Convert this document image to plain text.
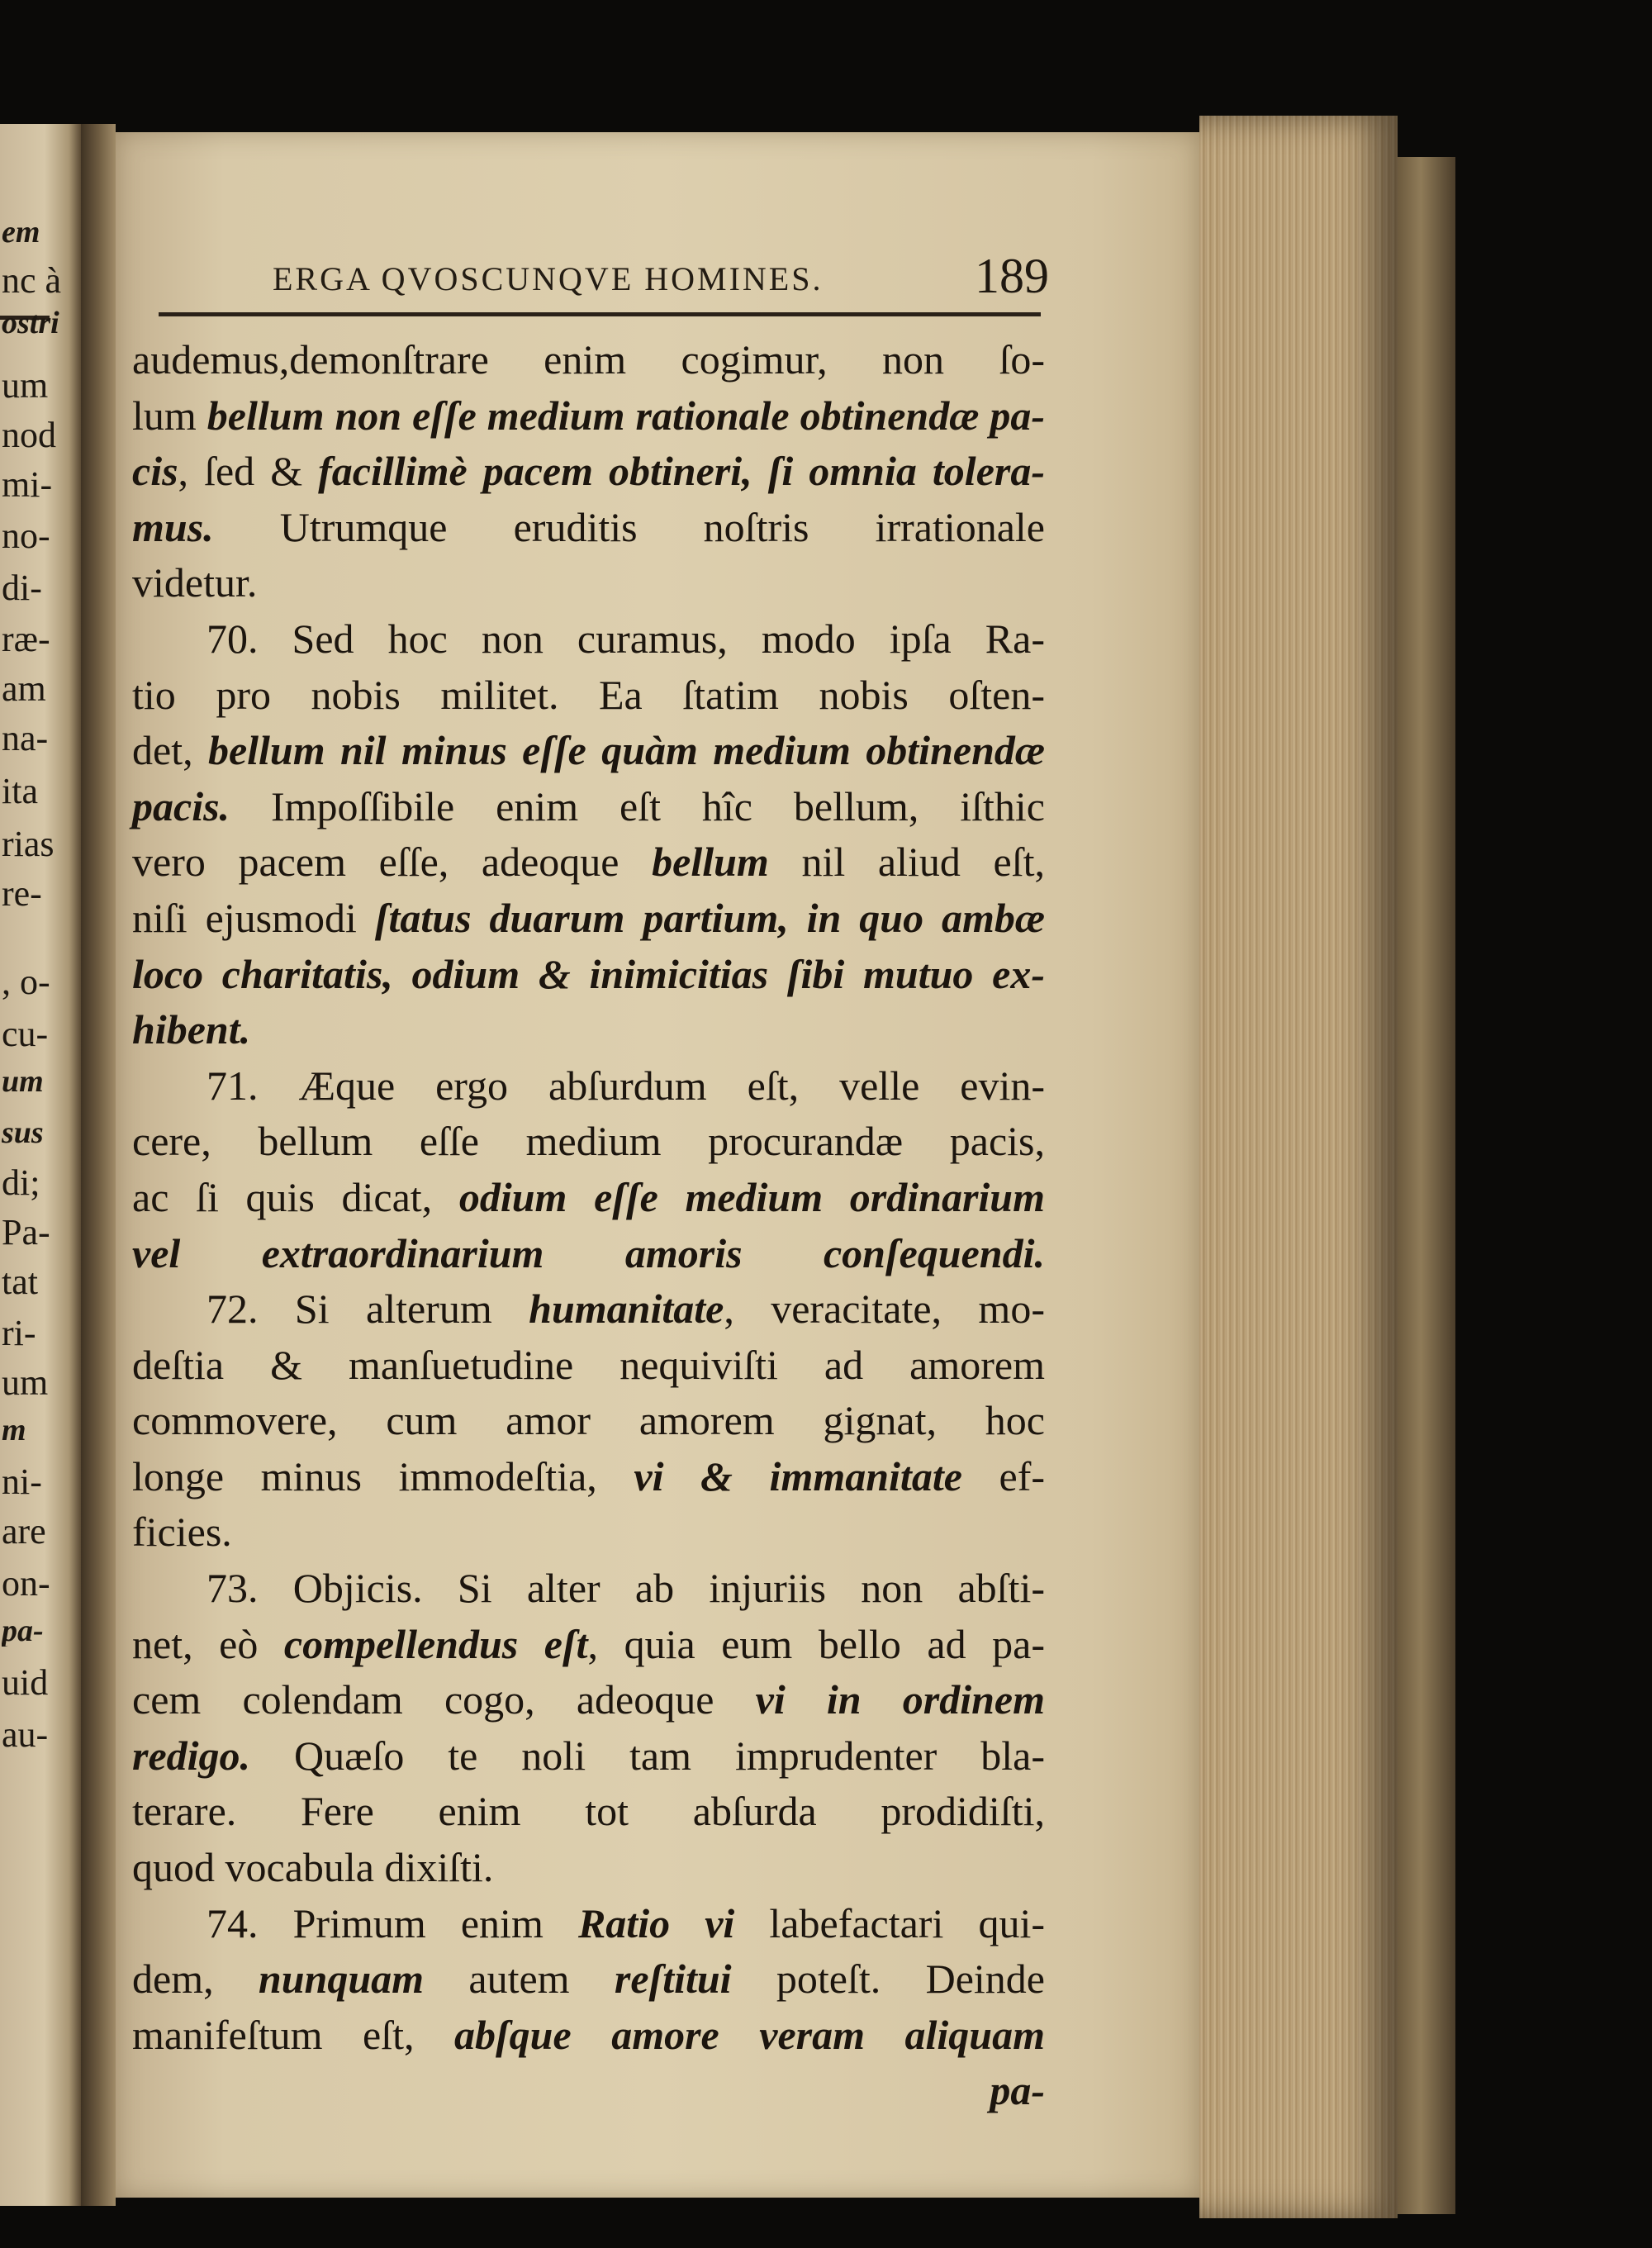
em
nc à
ostri
um
nod
mi-
no-
di-
ræ-
am
na-
ita
rias
re-
, o-
cu-
um
sus
di;
Pa-
tat
ri-
um
m
ni-
are
on-
pa-
uid
au-
ERGA QVOSCUNQVE HOMINES.	189
audemus,demonſtrare enim cogimur, non ſo-
lum bellum non eſſe medium rationale obtinendæ pa-
cis, ſed & facillimè pacem obtineri, ſi omnia tolera-
mus. Utrumque eruditis noſtris irrationale
videtur.
70. Sed hoc non curamus, modo ipſa Ra-
tio pro nobis militet. Ea ſtatim nobis oſten-
det, bellum nil minus eſſe quàm medium obtinendæ
pacis. Impoſſibile enim eſt hîc bellum, iſthic
vero pacem eſſe, adeoque bellum nil aliud eſt,
niſi ejusmodi ſtatus duarum partium, in quo ambæ
loco charitatis, odium & inimicitias ſibi mutuo ex-
hibent.
71. Æque ergo abſurdum eſt, velle evin-
cere, bellum eſſe medium procurandæ pacis,
ac ſi quis dicat, odium eſſe medium ordinarium
vel extraordinarium amoris conſequendi.
72. Si alterum humanitate, veracitate, mo-
deſtia & manſuetudine nequiviſti ad amorem
commovere, cum amor amorem gignat, hoc
longe minus immodeſtia, vi & immanitate ef-
ficies.
73. Objicis. Si alter ab injuriis non abſti-
net, eò compellendus eſt, quia eum bello ad pa-
cem colendam cogo, adeoque vi in ordinem
redigo. Quæſo te noli tam imprudenter bla-
terare. Fere enim tot abſurda prodidiſti,
quod vocabula dixiſti.
74. Primum enim Ratio vi labefactari qui-
dem, nunquam autem reſtitui poteſt. Deinde
manifeſtum eſt, abſque amore veram aliquam
pa-
